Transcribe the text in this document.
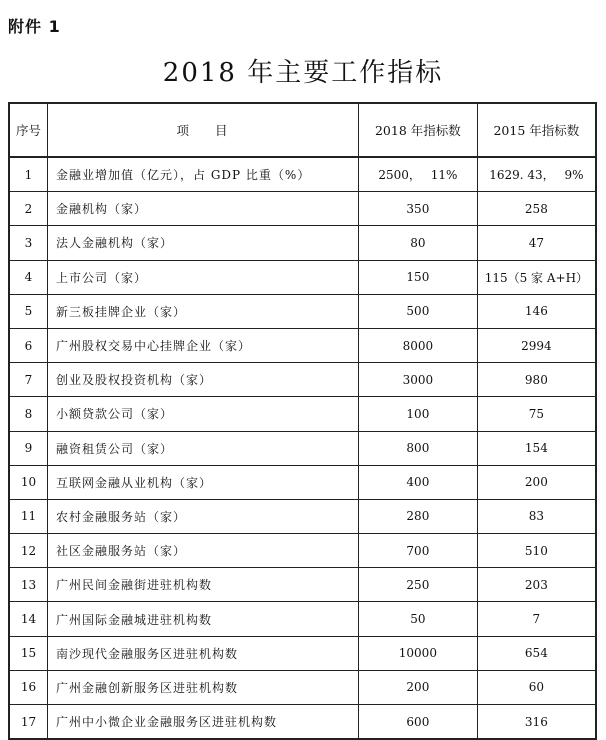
附件 1
2018 年主要工作指标
序号	项 目	2018 年指标数	2015 年指标数
1	金融业增加值（亿元），占 GDP 比重（%）	2500，　 11%	1629. 43，　 9%
2	金融机构（家）	350	258
3	法人金融机构（家）	80	47
4	上市公司（家）	150	115（5 家 A+H）
5	新三板挂牌企业（家）	500	146
6	广州股权交易中心挂牌企业（家）	8000	2994
7	创业及股权投资机构（家）	3000	980
8	小额贷款公司（家）	100	75
9	融资租赁公司（家）	800	154
10	互联网金融从业机构（家）	400	200
11	农村金融服务站（家）	280	83
12	社区金融服务站（家）	700	510
13	广州民间金融街进驻机构数	250	203
14	广州国际金融城进驻机构数	50	7
15	南沙现代金融服务区进驻机构数	10000	654
16	广州金融创新服务区进驻机构数	200	60
17	广州中小微企业金融服务区进驻机构数	600	316
